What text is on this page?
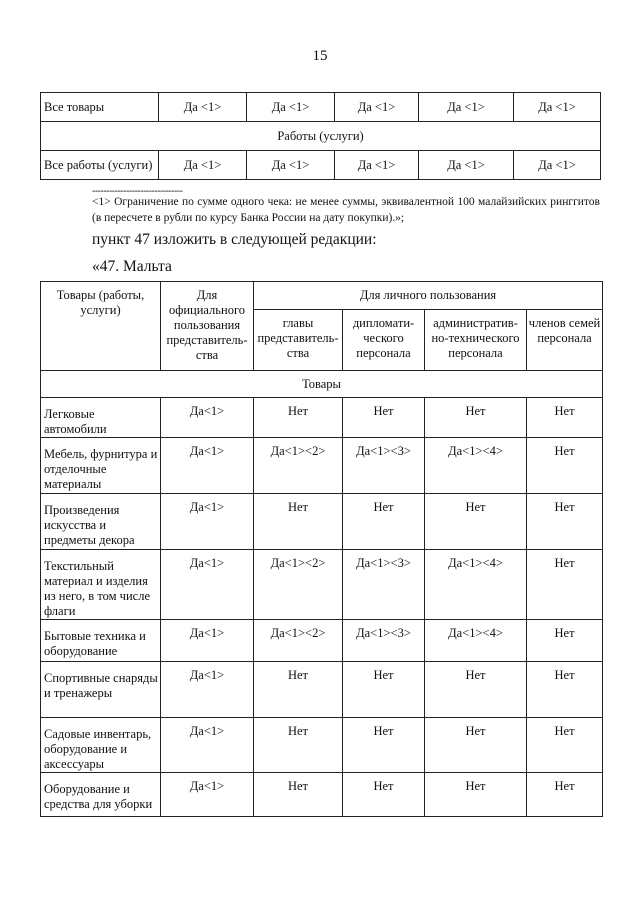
15
Все товары	Да <1>	Да <1>	Да <1>	Да <1>	Да <1>
Работы (услуги)					
Все работы (услуги)	Да <1>	Да <1>	Да <1>	Да <1>	Да <1>
--------------------------------
<1> Ограничение по сумме одного чека: не менее суммы, эквивалентной 100 малайзийских ринггитов (в пересчете в рубли по курсу Банка России на дату покупки).»;
пункт 47 изложить в следующей редакции:
«47. Мальта
Товары (работы, услуги)	Для официального пользования представитель-ства	Для личного пользования			
		главы представитель-ства	дипломати-ческого персонала	административ-но-технического персонала	членов семей персонала
Товары					
Легковые автомобили	Да<1>	Нет	Нет	Нет	Нет
Мебель, фурнитура и отделочные материалы	Да<1>	Да<1><2>	Да<1><3>	Да<1><4>	Нет
Произведения искусства и предметы декора	Да<1>	Нет	Нет	Нет	Нет
Текстильный материал и изделия из него, в том числе флаги	Да<1>	Да<1><2>	Да<1><3>	Да<1><4>	Нет
Бытовые техника и оборудование	Да<1>	Да<1><2>	Да<1><3>	Да<1><4>	Нет
Спортивные снаряды и тренажеры	Да<1>	Нет	Нет	Нет	Нет
Садовые инвентарь, оборудование и аксессуары	Да<1>	Нет	Нет	Нет	Нет
Оборудование и средства для уборки	Да<1>	Нет	Нет	Нет	Нет
